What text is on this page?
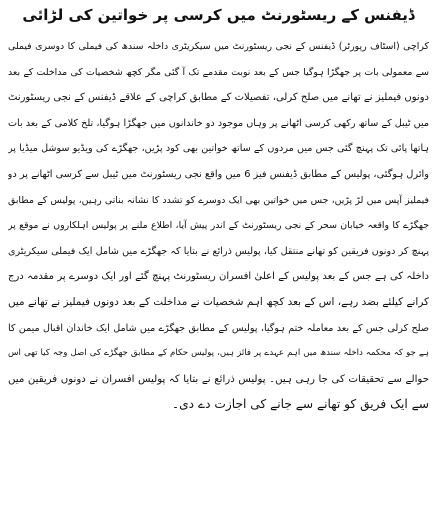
ڈیفنس کے ریسٹورنٹ میں کرسی پر خواتین کی لڑائی
کراچی (اسٹاف رپورٹر) ڈیفنس کے نجی ریسٹورنٹ میں سیکریٹری داخلہ سندھ کی فیملی کا دوسری فیملی
سے معمولی بات پر جھگڑا ہوگیا جس کے بعد نوبت مقدمے تک آ گئی مگر کچھ شخصیات کی مداخلت کے بعد
دونوں فیملیز نے تھانے میں صلح کرلی، تفصیلات کے مطابق کراچی کے علاقے ڈیفنس کے نجی ریسٹورنٹ
میں ٹیبل کے ساتھ رکھی کرسی اٹھانے پر وہاں موجود دو خاندانوں میں جھگڑا ہوگیا، تلخ کلامی کے بعد بات
ہاتھا پائی تک پہنچ گئی جس میں مردوں کے ساتھ خواتین بھی کود پڑیں، جھگڑے کی ویڈیو سوشل میڈیا پر
وائرل ہوگئی، پولیس کے مطابق ڈیفنس فیز 6 میں واقع نجی ریسٹورنٹ میں ٹیبل سے کرسی اٹھانے پر دو
فیملیز آپس میں لڑ پڑیں، جس میں خواتین بھی ایک دوسرے کو تشدد کا نشانہ بناتی رہیں، پولیس کے مطابق
جھگڑے کا واقعہ خیابان سحر کے نجی ریسٹورنٹ کے اندر پیش آیا، اطلاع ملنے پر پولیس اہلکاروں نے موقع پر
پہنچ کر دونوں فریقین کو تھانے منتقل کیا، پولیس ذرائع نے بتایا کہ جھگڑے میں شامل ایک فیملی سیکریٹری
داخلہ کی ہے جس کے بعد پولیس کے اعلیٰ افسران ریسٹورنٹ پہنچ گئے اور ایک دوسرے پر مقدمہ درج
کرانے کیلئے بضد رہے، اس کے بعد کچھ اہم شخصیات نے مداخلت کے بعد دونوں فیملیز نے تھانے میں
صلح کرلی جس کے بعد معاملہ ختم ہوگیا، پولیس کے مطابق جھگڑے میں شامل ایک خاندان اقبال میمن کا
ہے جو کہ محکمہ داخلہ سندھ میں اہم عہدے پر فائز ہیں، پولیس حکام کے مطابق جھگڑے کی اصل وجہ کیا تھی اس
حوالے سے تحقیقات کی جا رہی ہیں۔ پولیس ذرائع نے بتایا کہ پولیس افسران نے دونوں فریقین میں
سے ایک فریق کو تھانے سے جانے کی اجازت دے دی۔
